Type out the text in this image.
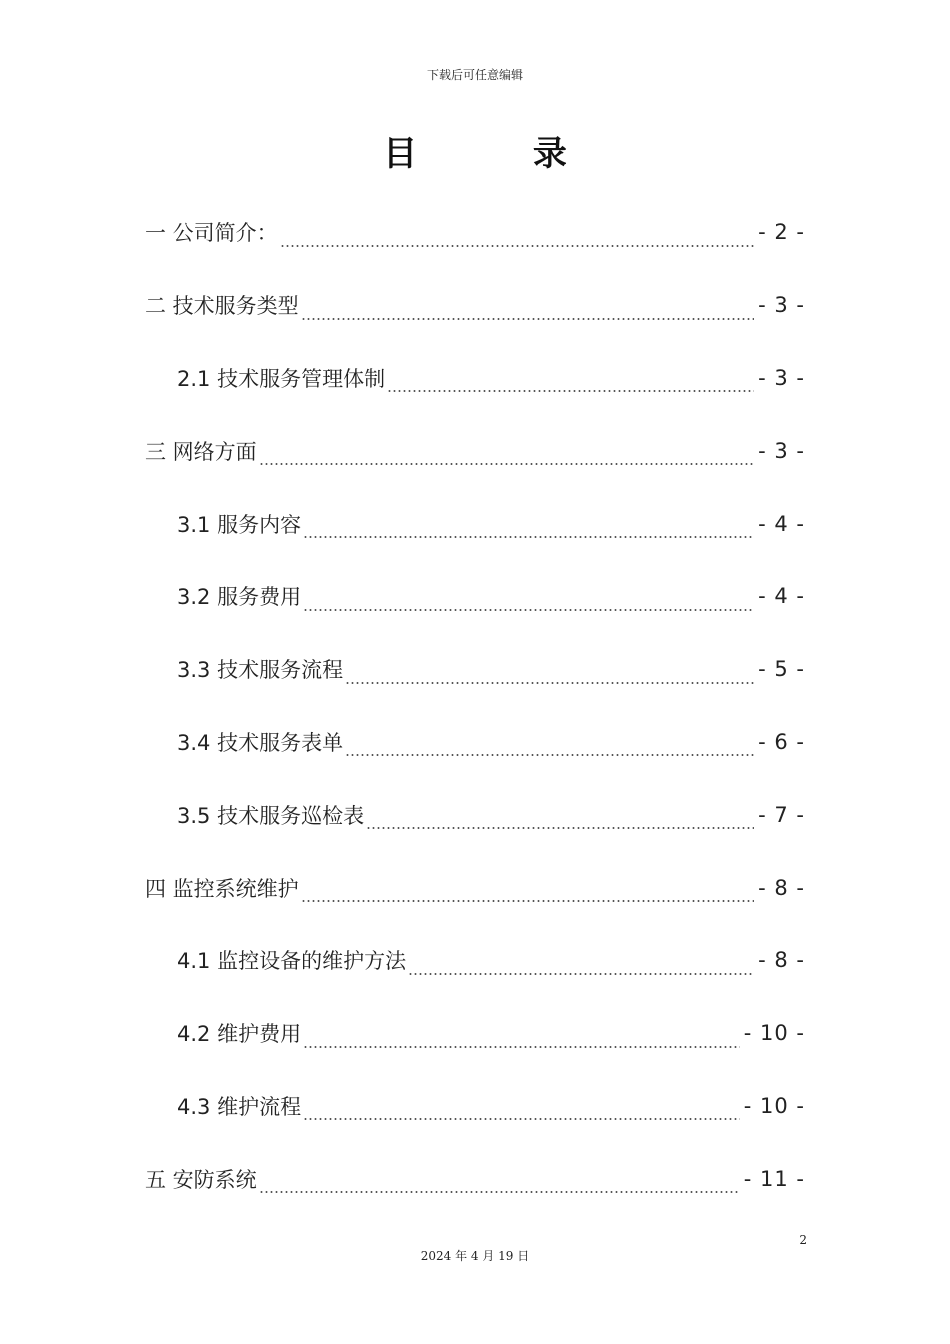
下载后可任意编辑
目 录
一 公司简介：	- 2 -
二 技术服务类型	- 3 -
2.1 技术服务管理体制	- 3 -
三 网络方面	- 3 -
3.1 服务内容	- 4 -
3.2 服务费用	- 4 -
3.3 技术服务流程	- 5 -
3.4 技术服务表单	- 6 -
3.5 技术服务巡检表	- 7 -
四 监控系统维护	- 8 -
4.1 监控设备的维护方法	- 8 -
4.2 维护费用	- 10 -
4.3 维护流程	- 10 -
五 安防系统	- 11 -
2
2024 年 4 月 19 日
